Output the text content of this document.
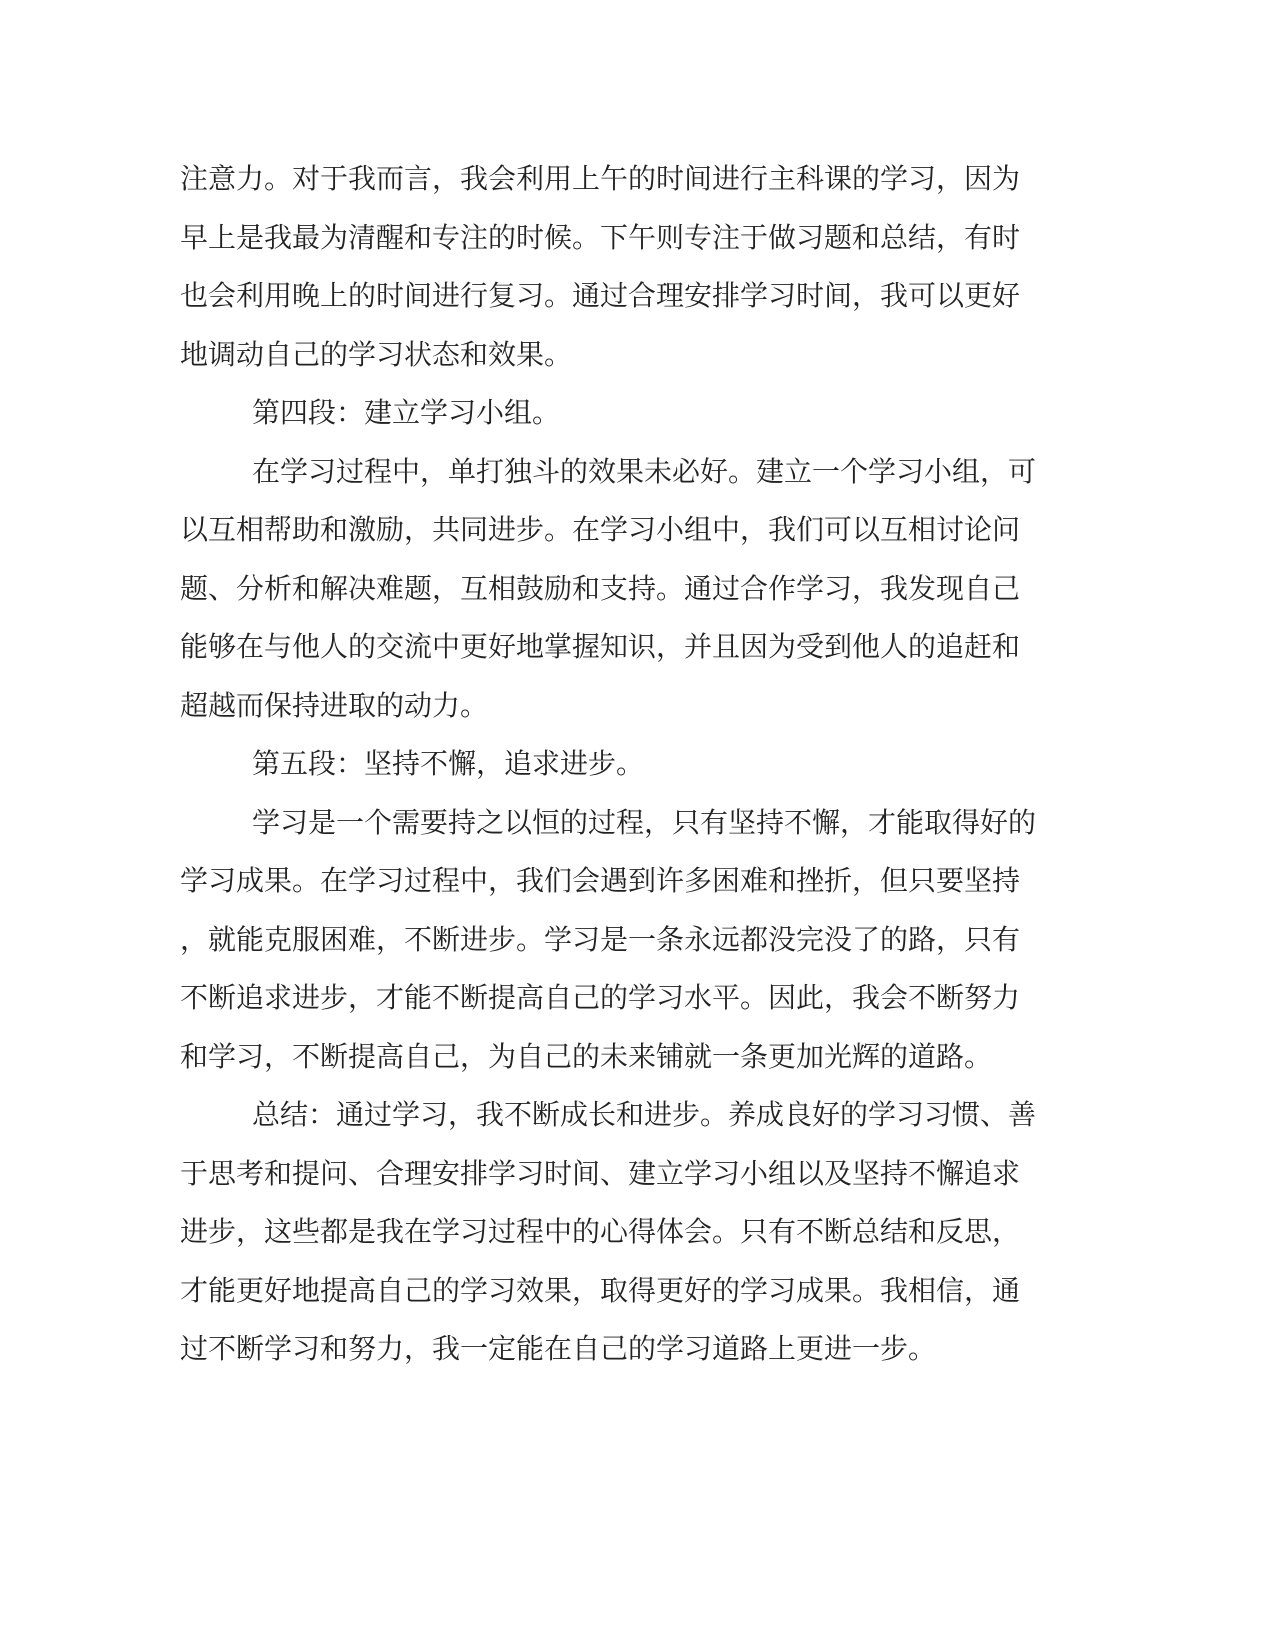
注意力。对于我而言，我会利用上午的时间进行主科课的学习，因为
早上是我最为清醒和专注的时候。下午则专注于做习题和总结，有时
也会利用晚上的时间进行复习。通过合理安排学习时间，我可以更好
地调动自己的学习状态和效果。
第四段：建立学习小组。
在学习过程中，单打独斗的效果未必好。建立一个学习小组，可
以互相帮助和激励，共同进步。在学习小组中，我们可以互相讨论问
题、分析和解决难题，互相鼓励和支持。通过合作学习，我发现自己
能够在与他人的交流中更好地掌握知识，并且因为受到他人的追赶和
超越而保持进取的动力。
第五段：坚持不懈，追求进步。
学习是一个需要持之以恒的过程，只有坚持不懈，才能取得好的
学习成果。在学习过程中，我们会遇到许多困难和挫折，但只要坚持
，就能克服困难，不断进步。学习是一条永远都没完没了的路，只有
不断追求进步，才能不断提高自己的学习水平。因此，我会不断努力
和学习，不断提高自己，为自己的未来铺就一条更加光辉的道路。
总结：通过学习，我不断成长和进步。养成良好的学习习惯、善
于思考和提问、合理安排学习时间、建立学习小组以及坚持不懈追求
进步，这些都是我在学习过程中的心得体会。只有不断总结和反思，
才能更好地提高自己的学习效果，取得更好的学习成果。我相信，通
过不断学习和努力，我一定能在自己的学习道路上更进一步。
